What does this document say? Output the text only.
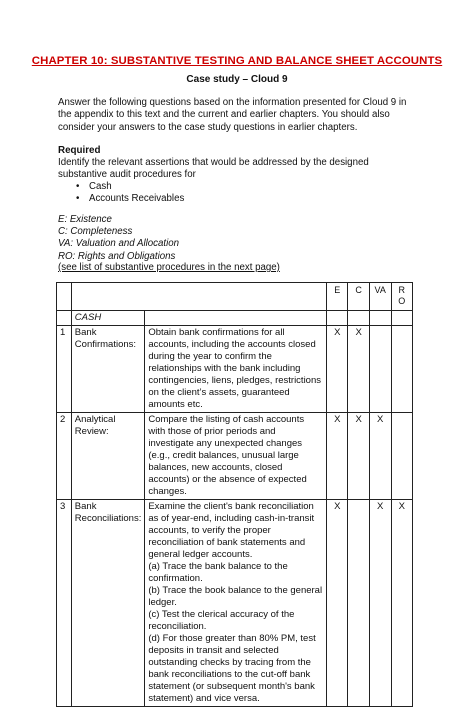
CHAPTER 10: SUBSTANTIVE TESTING AND BALANCE SHEET ACCOUNTS
Case study – Cloud 9
Answer the following questions based on the information presented for Cloud 9 in the appendix to this text and the current and earlier chapters. You should also consider your answers to the case study questions in earlier chapters.
Required
Identify the relevant assertions that would be addressed by the designed substantive audit procedures for
• Cash
• Accounts Receivables
E: Existence
C: Completeness
VA: Valuation and Allocation
RO: Rights and Obligations
(see list of substantive procedures in the next page)
			E	C	VA	R O
	CASH					
1	Bank Confirmations:	Obtain bank confirmations for all accounts, including the accounts closed during the year to confirm the relationships with the bank including contingencies, liens, pledges, restrictions on the client’s assets, guaranteed amounts etc.	X	X		
2	Analytical Review:	Compare the listing of cash accounts with those of prior periods and investigate any unexpected changes (e.g., credit balances, unusual large balances, new accounts, closed accounts) or the absence of expected changes.	X	X	X	
3	Bank Reconciliations:	Examine the client's bank reconciliation as of year-end, including cash-in-transit accounts, to verify the proper reconciliation of bank statements and general ledger accounts.
(a) Trace the bank balance to the confirmation.
(b) Trace the book balance to the general ledger.
(c) Test the clerical accuracy of the reconciliation.
(d) For those greater than 80% PM, test deposits in transit and selected outstanding checks by tracing from the bank reconciliations to the cut-off bank statement (or subsequent month's bank statement) and vice versa.	X		X	X
